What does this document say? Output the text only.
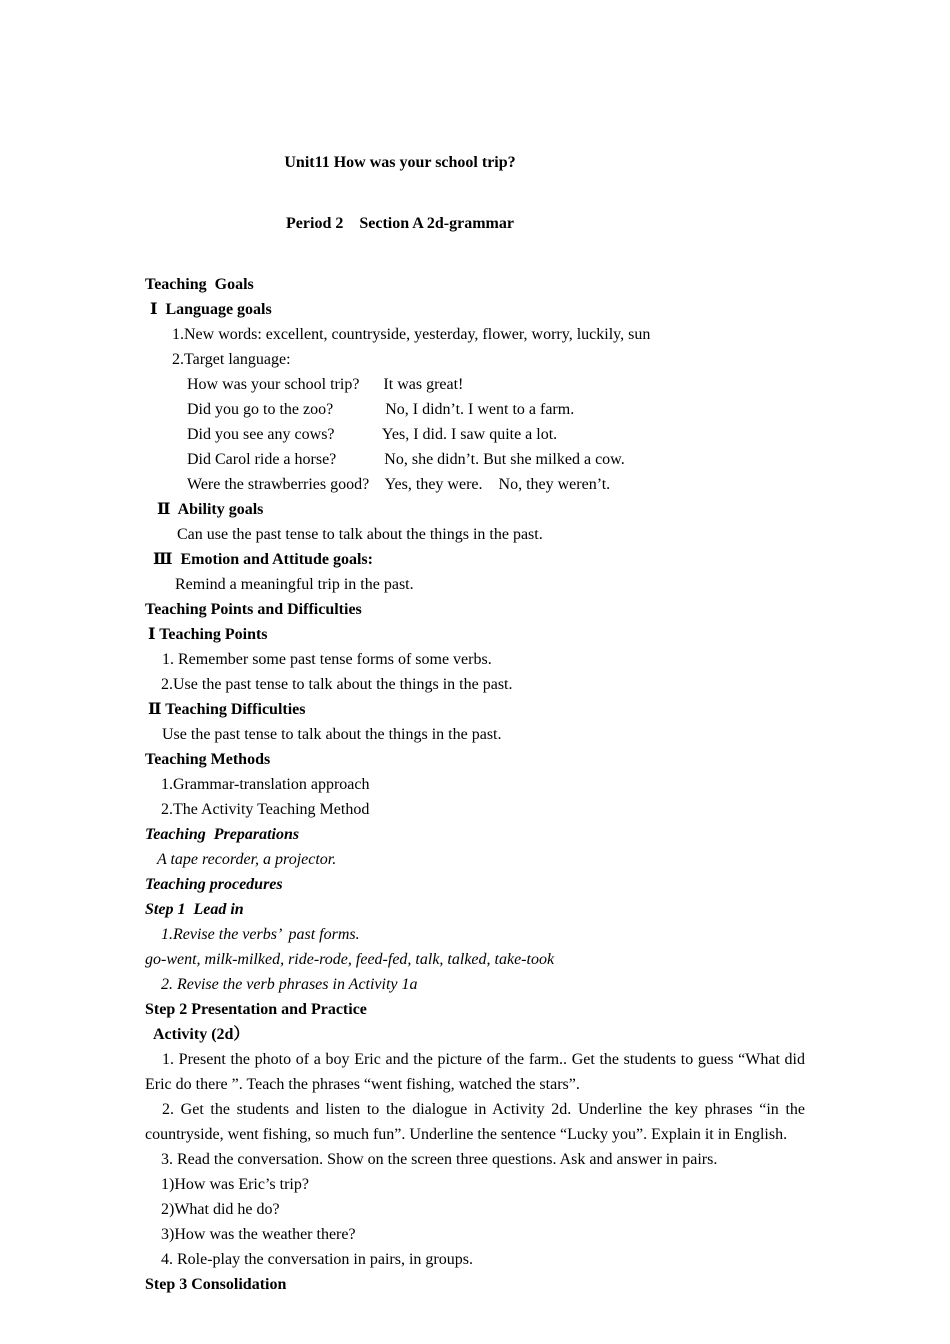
Unit11 How was your school trip?

Period 2    Section A 2d-grammar

Teaching  Goals
Ⅰ  Language goals
1.New words: excellent, countryside, yesterday, flower, worry, luckily, sun
2.Target language:
How was your school trip?      It was great!
Did you go to the zoo?             No, I didn’t. I went to a farm.
Did you see any cows?            Yes, I did. I saw quite a lot.
Did Carol ride a horse?            No, she didn’t. But she milked a cow.
Were the strawberries good?    Yes, they were.    No, they weren’t.
Ⅱ  Ability goals
Can use the past tense to talk about the things in the past.
Ⅲ  Emotion and Attitude goals:
Remind a meaningful trip in the past.
Teaching Points and Difficulties
Ⅰ Teaching Points
1. Remember some past tense forms of some verbs.
2.Use the past tense to talk about the things in the past.
Ⅱ Teaching Difficulties
Use the past tense to talk about the things in the past.
Teaching Methods
1.Grammar-translation approach
2.The Activity Teaching Method
Teaching  Preparations
A tape recorder, a projector.
Teaching procedures
Step 1  Lead in
1.Revise the verbs’  past forms.
go-went, milk-milked, ride-rode, feed-fed, talk, talked, take-took
2. Revise the verb phrases in Activity 1a
Step 2 Presentation and Practice
Activity (2d）
1. Present the photo of a boy Eric and the picture of the farm.. Get the students to guess “What did Eric do there ”. Teach the phrases “went fishing, watched the stars”.
2. Get the students and listen to the dialogue in Activity 2d. Underline the key phrases “in the countryside, went fishing, so much fun”. Underline the sentence “Lucky you”. Explain it in English.
3. Read the conversation. Show on the screen three questions. Ask and answer in pairs.
1)How was Eric’s trip?
2)What did he do?
3)How was the weather there?
4. Role-play the conversation in pairs, in groups.
Step 3 Consolidation
